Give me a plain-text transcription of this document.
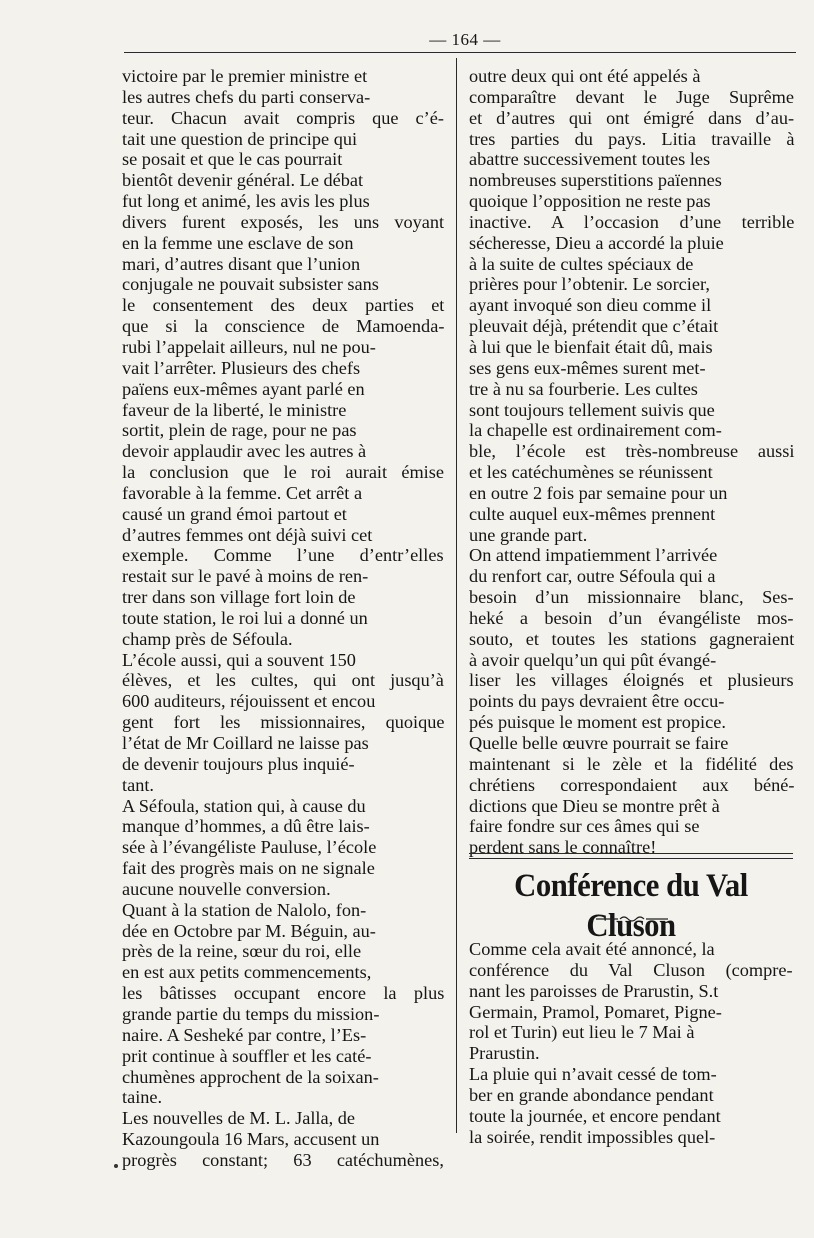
— 164 —
victoire par le premier ministre et
les autres chefs du parti conserva-
teur. Chacun avait compris que c’é-
tait une question de principe qui
se posait et que le cas pourrait
bientôt devenir général. Le débat
fut long et animé, les avis les plus
divers furent exposés, les uns voyant
en la femme une esclave de son
mari, d’autres disant que l’union
conjugale ne pouvait subsister sans
le consentement des deux parties et
que si la conscience de Mamoenda-
rubi l’appelait ailleurs, nul ne pou-
vait l’arrêter. Plusieurs des chefs
païens eux-mêmes ayant parlé en
faveur de la liberté, le ministre
sortit, plein de rage, pour ne pas
devoir applaudir avec les autres à
la conclusion que le roi aurait émise
favorable à la femme. Cet arrêt a
causé un grand émoi partout et
d’autres femmes ont déjà suivi cet
exemple. Comme l’une d’entr’elles
restait sur le pavé à moins de ren-
trer dans son village fort loin de
toute station, le roi lui a donné un
champ près de Séfoula.
L’école aussi, qui a souvent 150
élèves, et les cultes, qui ont jusqu’à
600 auditeurs, réjouissent et encou
gent fort les missionnaires, quoique
l’état de Mr Coillard ne laisse pas
de devenir toujours plus inquié-
tant.
A Séfoula, station qui, à cause du
manque d’hommes, a dû être lais-
sée à l’évangéliste Pauluse, l’école
fait des progrès mais on ne signale
aucune nouvelle conversion.
Quant à la station de Nalolo, fon-
dée en Octobre par M. Béguin, au-
près de la reine, sœur du roi, elle
en est aux petits commencements,
les bâtisses occupant encore la plus
grande partie du temps du mission-
naire. A Sesheké par contre, l’Es-
prit continue à souffler et les caté-
chumènes approchent de la soixan-
taine.
Les nouvelles de M. L. Jalla, de
Kazoungoula 16 Mars, accusent un
progrès constant; 63 catéchumènes,
outre deux qui ont été appelés à
comparaître devant le Juge Suprême
et d’autres qui ont émigré dans d’au-
tres parties du pays. Litia travaille à
abattre successivement toutes les
nombreuses superstitions païennes
quoique l’opposition ne reste pas
inactive. A l’occasion d’une terrible
sécheresse, Dieu a accordé la pluie
à la suite de cultes spéciaux de
prières pour l’obtenir. Le sorcier,
ayant invoqué son dieu comme il
pleuvait déjà, prétendit que c’était
à lui que le bienfait était dû, mais
ses gens eux-mêmes surent met-
tre à nu sa fourberie. Les cultes
sont toujours tellement suivis que
la chapelle est ordinairement com-
ble, l’école est très-nombreuse aussi
et les catéchumènes se réunissent
en outre 2 fois par semaine pour un
culte auquel eux-mêmes prennent
une grande part.
On attend impatiemment l’arrivée
du renfort car, outre Séfoula qui a
besoin d’un missionnaire blanc, Ses-
heké a besoin d’un évangéliste mos-
souto, et toutes les stations gagneraient
à avoir quelqu’un qui pût évangé-
liser les villages éloignés et plusieurs
points du pays devraient être occu-
pés puisque le moment est propice.
Quelle belle œuvre pourrait se faire
maintenant si le zèle et la fidélité des
chrétiens correspondaient aux béné-
dictions que Dieu se montre prêt à
faire fondre sur ces âmes qui se
perdent sans le connaître!
Conférence du Val Cluson
Comme cela avait été annoncé, la
conférence du Val Cluson (compre-
nant les paroisses de Prarustin, S.t
Germain, Pramol, Pomaret, Pigne-
rol et Turin) eut lieu le 7 Mai à
Prarustin.
La pluie qui n’avait cessé de tom-
ber en grande abondance pendant
toute la journée, et encore pendant
la soirée, rendit impossibles quel-
